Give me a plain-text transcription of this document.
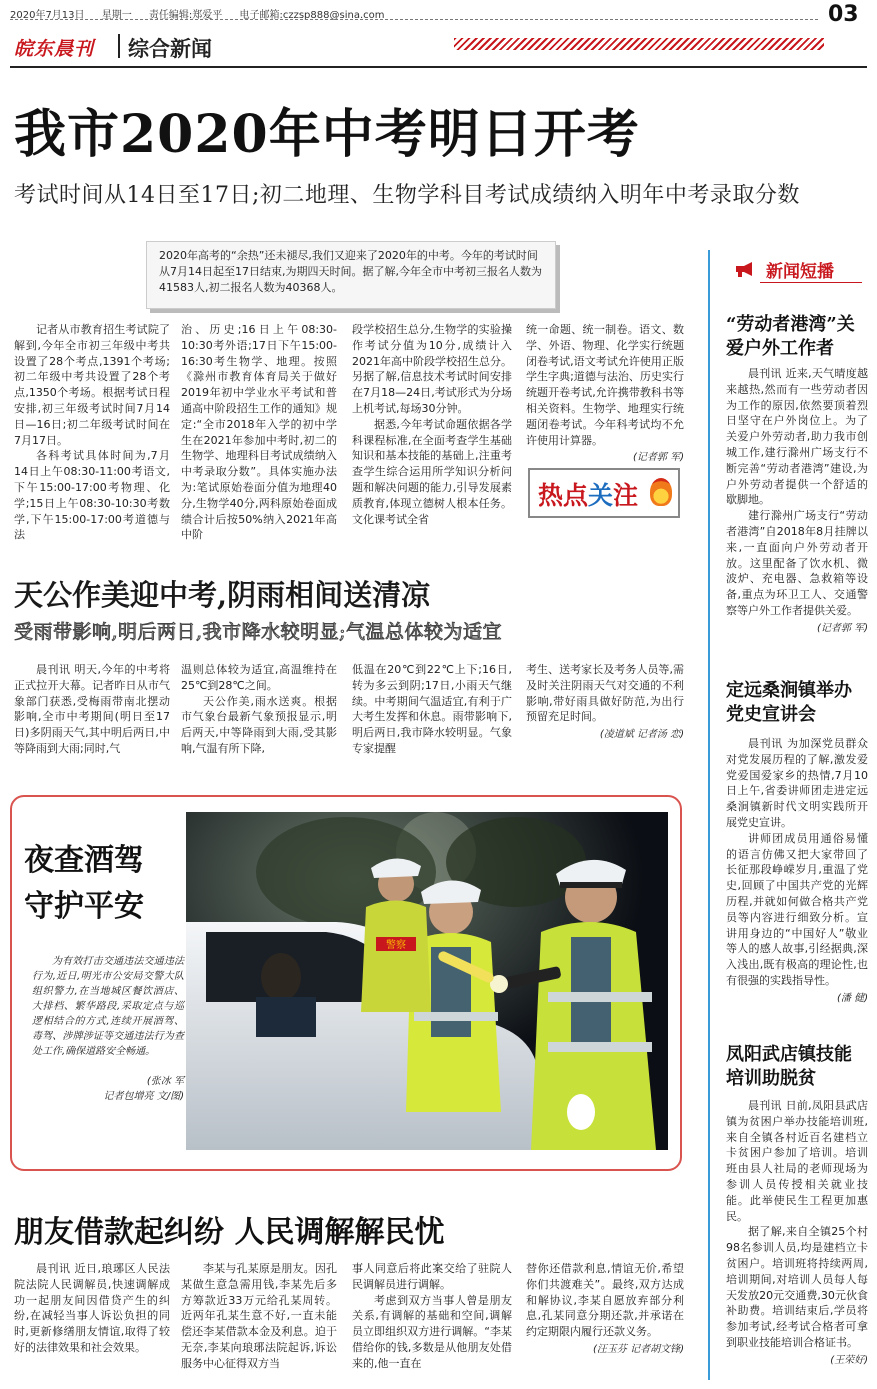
2020年7月13日 星期一 责任编辑:郑爱平 电子邮箱:czzsp888@sina.com	03
皖东晨刊 综合新闻
我市2020年中考明日开考
考试时间从14日至17日;初二地理、生物学科目考试成绩纳入明年中考录取分数
2020年高考的“余热”还未褪尽,我们又迎来了2020年的中考。今年的考试时间从7月14日起至17日结束,为期四天时间。据了解,今年全市中考初三报名人数为41583人,初二报名人数为40368人。

记者从市教育招生考试院了解到,今年全市初三年级中考共设置了28个考点,1391个考场;初二年级中考共设置了28个考点,1350个考场。根据考试日程安排,初三年级考试时间7月14日—16日;初二年级考试时间在7月17日。

各科考试具体时间为,7月14日上午08:30-11:00考语文,下午15:00-17:00考物理、化学;15日上午08:30-10:30考数学,下午15:00-17:00考道德与法

治、历史;16日上午08:30-10:30考外语;17日下午15:00-16:30考生物学、地理。按照《滁州市教育体育局关于做好2019年初中学业水平考试和普通高中阶段招生工作的通知》规定:“全市2018年入学的初中学生在2021年参加中考时,初二的生物学、地理科目考试成绩纳入中考录取分数”。具体实施办法为:笔试原始卷面分值为地理40分,生物学40分,两科原始卷面成绩合计后按50%纳入2021年高中阶

段学校招生总分,生物学的实验操作考试分值为10分,成绩计入2021年高中阶段学校招生总分。另据了解,信息技术考试时间安排在7月18—24日,考试形式为分场上机考试,每场30分钟。

据悉,今年考试命题依据各学科课程标准,在全面考查学生基础知识和基本技能的基础上,注重考查学生综合运用所学知识分析问题和解决问题的能力,引导发展素质教育,体现立德树人根本任务。文化课考试全省

统一命题、统一制卷。语文、数学、外语、物理、化学实行统题闭卷考试,语文考试允许使用正版学生字典;道德与法治、历史实行统题开卷考试,允许携带教科书等相关资料。生物学、地理实行统题闭卷考试。今年科考试均不允许使用计算器。

(记者郭 军)
热点关注
天公作美迎中考,阴雨相间送清凉
受雨带影响,明后两日,我市降水较明显;气温总体较为适宜

晨刊讯 明天,今年的中考将正式拉开大幕。记者昨日从市气象部门获悉,受梅雨带南北摆动影响,全市中考期间(明日至17日)多阴雨天气,其中明后两日,中等降雨到大雨;同时,气

温则总体较为适宜,高温维持在25℃到28℃之间。

天公作美,雨水送爽。根据市气象台最新气象预报显示,明后两天,中等降雨到大雨,受其影响,气温有所下降,

低温在20℃到22℃上下;16日,转为多云到阴;17日,小雨天气继续。中考期间气温适宜,有利于广大考生发挥和休息。雨带影响下,明后两日,我市降水较明显。气象专家提醒

考生、送考家长及考务人员等,需及时关注阴雨天气对交通的不利影响,带好雨具做好防范,为出行预留充足时间。

(凌道斌 记者汤 恋)
夜查酒驾
守护平安

为有效打击交通违法交通违法行为,近日,明光市公安局交警大队组织警力,在当地城区餐饮酒店、大排档、繁华路段,采取定点与巡逻相结合的方式,连续开展酒驾、毒驾、涉牌涉证等交通违法行为查处工作,确保道路安全畅通。

(张冰 军
记者包增亮 文/图)
警察
朋友借款起纠纷 人民调解解民忧

晨刊讯 近日,琅琊区人民法院法院人民调解员,快速调解成功一起朋友间因借贷产生的纠纷,在减轻当事人诉讼负担的同时,更新修缮朋友情谊,取得了较好的法律效果和社会效果。

李某与孔某原是朋友。因孔某做生意急需用钱,李某先后多方筹款近33万元给孔某周转。近两年孔某生意不好,一直未能偿还李某借款本金及利息。迫于无奈,李某向琅琊法院起诉,诉讼服务中心征得双方当

事人同意后将此案交给了驻院人民调解员进行调解。

考虑到双方当事人曾是朋友关系,有调解的基础和空间,调解员立即组织双方进行调解。“李某借给你的钱,多数是从他朋友处借来的,他一直在

替你还借款利息,情谊无价,希望你们共渡难关”。最终,双方达成和解协议,李某自愿放弃部分利息,孔某同意分期还款,并承诺在约定期限内履行还款义务。

(汪玉芬 记者胡文锋)
新闻短播
“劳动者港湾”关爱户外工作者

晨刊讯 近来,天气晴度越来越热,然而有一些劳动者因为工作的原因,依然要顶着烈日坚守在户外岗位上。为了关爱户外劳动者,助力我市创城工作,建行滁州广场支行不断完善“劳动者港湾”建设,为户外劳动者提供一个舒适的歇脚地。

建行滁州广场支行“劳动者港湾”自2018年8月挂牌以来,一直面向户外劳动者开放。这里配备了饮水机、微波炉、充电器、急救箱等设备,重点为环卫工人、交通警察等户外工作者提供关爱。

(记者郭 军)
定远桑涧镇举办党史宣讲会

晨刊讯 为加深党员群众对党发展历程的了解,激发爱党爱国爱家乡的热情,7月10日上午,省委讲师团走进定远桑涧镇新时代文明实践所开展党史宣讲。

讲师团成员用通俗易懂的语言仿佛又把大家带回了长征那段峥嵘岁月,重温了党史,回顾了中国共产党的光辉历程,并就如何做合格共产党员等内容进行细致分析。宣讲用身边的“中国好人”敬业等人的感人故事,引经据典,深入浅出,既有极高的理论性,也有很强的实践指导性。

(潘 健)
凤阳武店镇技能培训助脱贫

晨刊讯 日前,凤阳县武店镇为贫困户举办技能培训班,来自全镇各村近百名建档立卡贫困户参加了培训。培训班由县人社局的老师现场为参训人员传授相关就业技能。此举使民生工程更加惠民。

据了解,来自全镇25个村98名参训人员,均是建档立卡贫困户。培训班将持续两周,培训期间,对培训人员每人每天发放20元交通费,30元伙食补助费。培训结束后,学员将参加考试,经考试合格者可拿到职业技能培训合格证书。

(王荣好)
